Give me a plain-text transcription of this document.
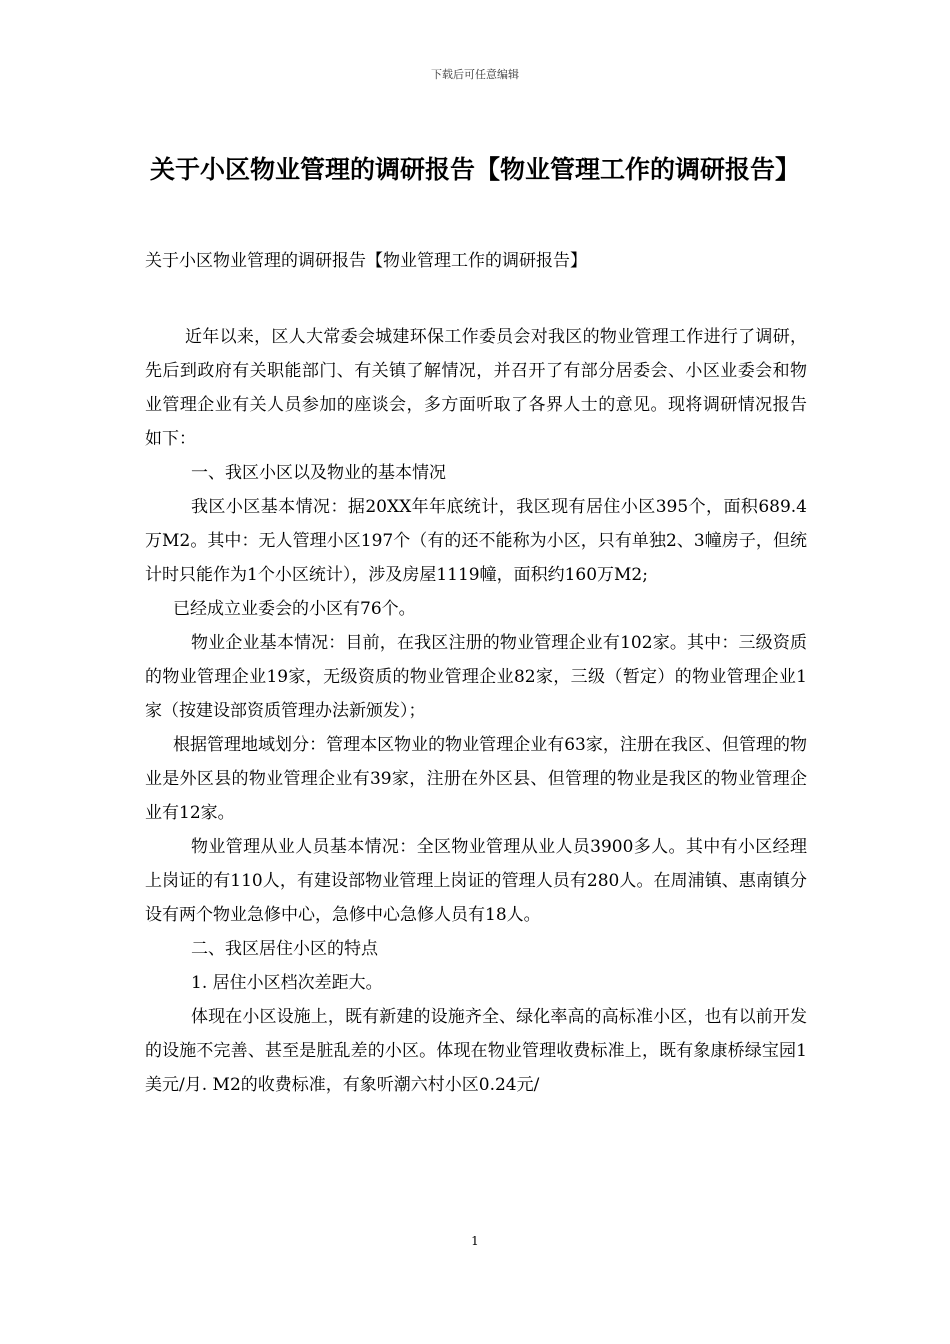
下载后可任意编辑
关于小区物业管理的调研报告【物业管理工作的调研报告】
关于小区物业管理的调研报告【物业管理工作的调研报告】

近年以来，区人大常委会城建环保工作委员会对我区的物业管理工作进行了调研，先后到政府有关职能部门、有关镇了解情况，并召开了有部分居委会、小区业委会和物业管理企业有关人员参加的座谈会，多方面听取了各界人士的意见。现将调研情况报告如下：

一、我区小区以及物业的基本情况

我区小区基本情况：据20XX年年底统计，我区现有居住小区395个，面积689.4万M2。其中：无人管理小区197个（有的还不能称为小区，只有单独2、3幢房子，但统计时只能作为1个小区统计），涉及房屋1119幢，面积约160万M2;

已经成立业委会的小区有76个。

物业企业基本情况：目前，在我区注册的物业管理企业有102家。其中：三级资质的物业管理企业19家，无级资质的物业管理企业82家，三级（暂定）的物业管理企业1家（按建设部资质管理办法新颁发）；

根据管理地域划分：管理本区物业的物业管理企业有63家，注册在我区、但管理的物业是外区县的物业管理企业有39家，注册在外区县、但管理的物业是我区的物业管理企业有12家。

物业管理从业人员基本情况：全区物业管理从业人员3900多人。其中有小区经理上岗证的有110人，有建设部物业管理上岗证的管理人员有280人。在周浦镇、惠南镇分设有两个物业急修中心，急修中心急修人员有18人。

二、我区居住小区的特点

1. 居住小区档次差距大。

体现在小区设施上，既有新建的设施齐全、绿化率高的高标准小区，也有以前开发的设施不完善、甚至是脏乱差的小区。体现在物业管理收费标准上，既有象康桥绿宝园1美元/月. M2的收费标准，有象听潮六村小区0.24元/

1
